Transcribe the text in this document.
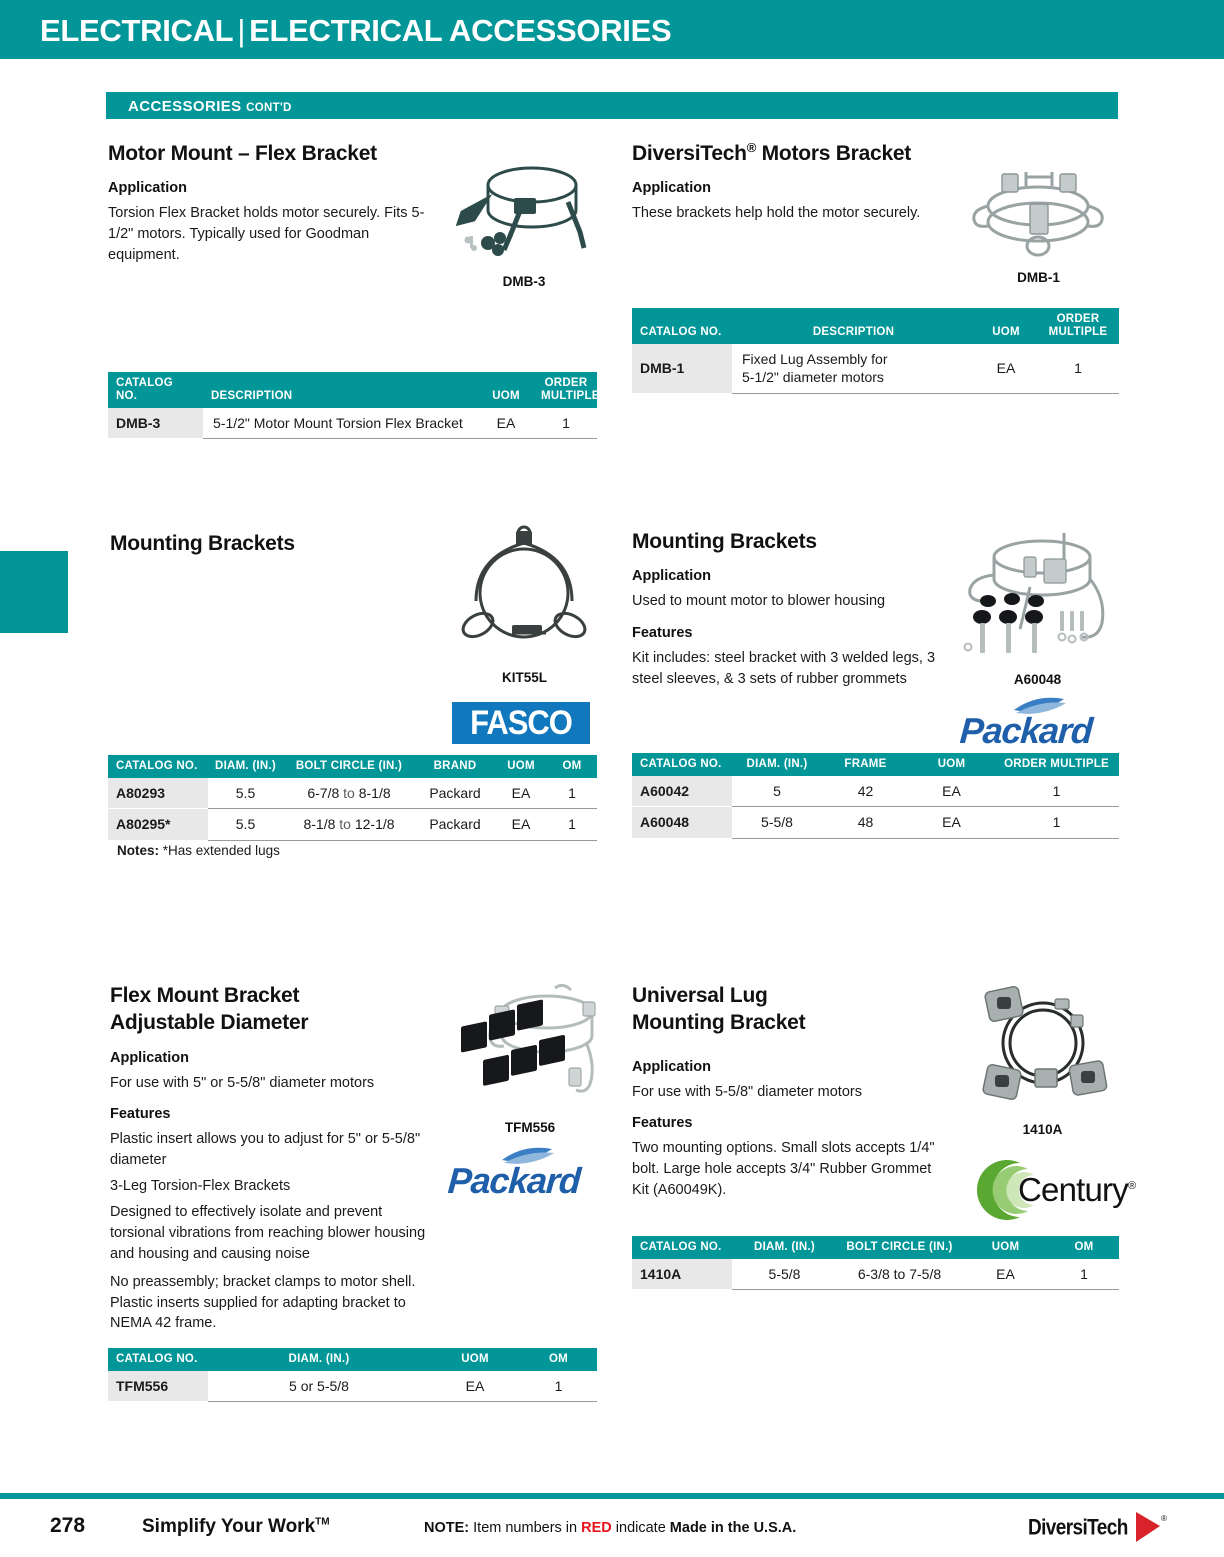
ELECTRICAL | ELECTRICAL ACCESSORIES
ACCESSORIES CONT'D
Motor Mount – Flex Bracket
Application

Torsion Flex Bracket holds motor securely. Fits 5-1/2" motors. Typically used for Goodman equipment.

DMB-3
CATALOG NO.	DESCRIPTION	UOM	ORDER
MULTIPLE
DMB-3	5-1/2" Motor Mount Torsion Flex Bracket	EA	1
DiversiTech® Motors Bracket
Application

These brackets help hold the motor securely.

DMB-1
CATALOG NO.	DESCRIPTION	UOM	ORDER
MULTIPLE
DMB-1	Fixed Lug Assembly for
5-1/2" diameter motors	EA	1
Mounting Brackets
KIT55L
FASCO
CATALOG NO.	DIAM. (IN.)	BOLT CIRCLE (IN.)	BRAND	UOM	OM
A80293	5.5	6-7/8 to 8-1/8	Packard	EA	1
A80295*	5.5	8-1/8 to 12-1/8	Packard	EA	1
Notes: *Has extended lugs
Mounting Brackets
Application

Used to mount motor to blower housing

Features

Kit includes: steel bracket with 3 welded legs, 3 steel sleeves, & 3 sets of rubber grommets	A60048
Packard
CATALOG NO.	DIAM. (IN.)	FRAME	UOM	ORDER MULTIPLE
A60042	5	42	EA	1
A60048	5-5/8	48	EA	1
Flex Mount Bracket
Adjustable Diameter
Application

For use with 5" or 5-5/8" diameter motors

Features

Plastic insert allows you to adjust for 5" or 5-5/8" diameter

3-Leg Torsion-Flex Brackets

Designed to effectively isolate and prevent torsional vibrations from reaching blower housing and housing and causing noise

No preassembly; bracket clamps to motor shell. Plastic inserts supplied for adapting bracket to NEMA 42 frame.

TFM556
Packard
CATALOG NO.	DIAM. (IN.)	UOM	OM
TFM556	5 or 5-5/8	EA	1
Universal Lug
Mounting Bracket
Application

For use with 5-5/8" diameter motors

Features

Two mounting options. Small slots accepts 1/4" bolt. Large hole accepts 3/4" Rubber Grommet Kit (A60049K).

1410A
Century®
CATALOG NO.	DIAM. (IN.)	BOLT CIRCLE (IN.)	UOM	OM
1410A	5-5/8	6-3/8 to 7-5/8	EA	1
278	Simplify Your Work™	NOTE: Item numbers in RED indicate Made in the U.S.A.	DiversiTech	®
